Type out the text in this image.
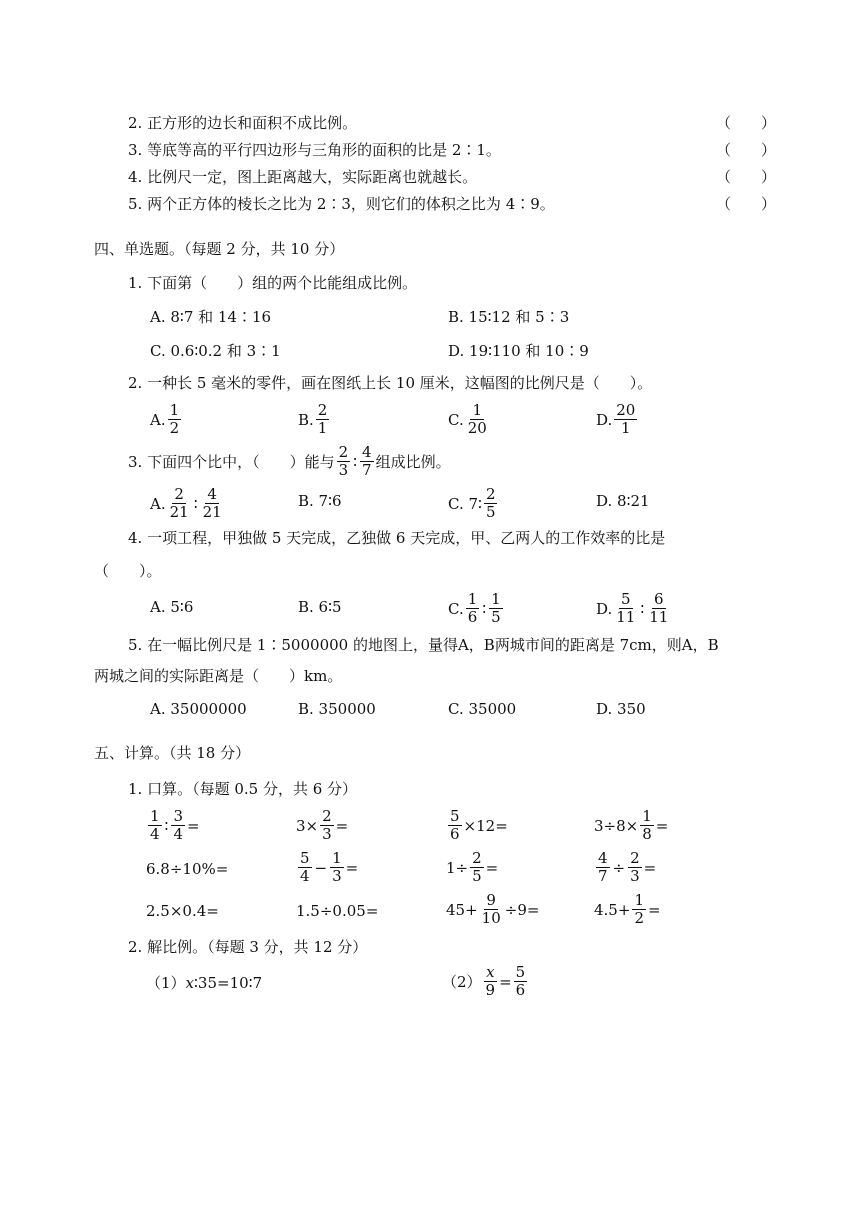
2. 正方形的边长和面积不成比例。	（　　）
3. 等底等高的平行四边形与三角形的面积的比是 2∶1。	（　　）
4. 比例尺一定，图上距离越大，实际距离也就越长。	（　　）
5. 两个正方体的棱长之比为 2∶3，则它们的体积之比为 4∶9。	（　　）
四、单选题。（每题 2 分，共 10 分）
1. 下面第（　　）组的两个比能组成比例。
A. 8∶7 和 14∶16	B. 15∶12 和 5∶3
C. 0.6∶0.2 和 3∶1	D. 19∶110 和 10∶9
2. 一种长 5 毫米的零件，画在图纸上长 10 厘米，这幅图的比例尺是（　　）。
A. $\frac{1}{2}$	B. $\frac{2}{1}$	C. $\frac{1}{20}$	D. $\frac{20}{1}$
3. 下面四个比中，（　　）能与 $\frac{2}{3}$ ∶ $\frac{4}{7}$ 组成比例。
A. $\frac{2}{21}$ ∶ $\frac{4}{21}$	B. 7∶6	C. 7∶ $\frac{2}{5}$	D. 8∶21
4. 一项工程，甲独做 5 天完成，乙独做 6 天完成，甲、乙两人的工作效率的比是
（　　）。
A. 5∶6	B. 6∶5	C. $\frac{1}{6}$ ∶ $\frac{1}{5}$	D. $\frac{5}{11}$ ∶ $\frac{6}{11}$
5. 在一幅比例尺是 1∶5000000 的地图上，量得A，B两城市间的距离是 7cm，则A，B
两城之间的实际距离是（　　）km。
A. 35000000	B. 350000	C. 35000	D. 350
五、计算。（共 18 分）
1. 口算。（每题 0.5 分，共 6 分）
$\frac{1}{4}$ ∶ $\frac{3}{4}$ =	$3\times \frac{2}{3}$ =	$\frac{5}{6} \times 12=$	$3\div 8\times \frac{1}{8}$ =
6.8÷10%=	$\frac{5}{4} - \frac{1}{3}$ =	$1\div \frac{2}{5}$ =	$\frac{4}{7} \div \frac{2}{3}$ =
2.5×0.4=	1.5÷0.05=	$45+ \frac{9}{10} \div 9=$	$4.5+ \frac{1}{2}$ =
2. 解比例。（每题 3 分，共 12 分）
（1） x ∶35=10∶7	$(2) \frac{x}{9} = \frac{5}{6}$
